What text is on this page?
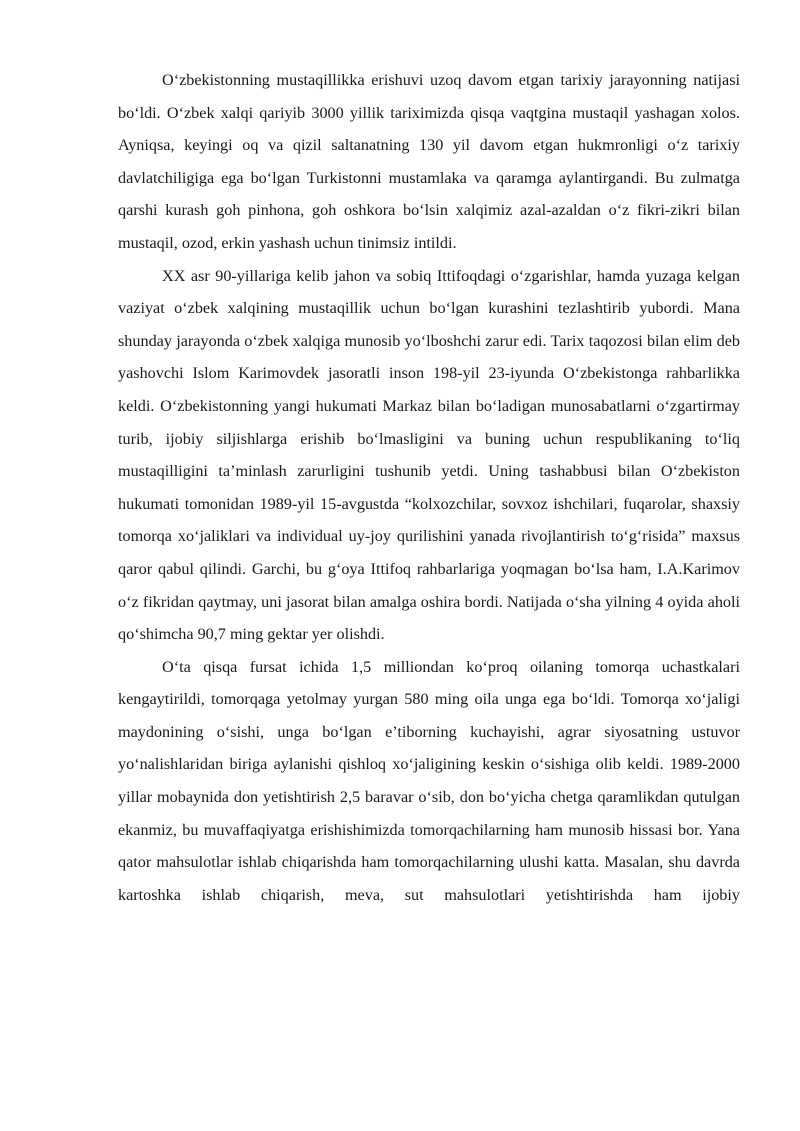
O‘zbekistonning mustaqillikka erishuvi uzoq davom etgan tarixiy jarayonning natijasi bo‘ldi. O‘zbek xalqi qariyib 3000 yillik tariximizda qisqa vaqtgina mustaqil yashagan xolos. Ayniqsa, keyingi oq va qizil saltanatning 130 yil davom etgan hukmronligi o‘z tarixiy davlatchiligiga ega bo‘lgan Turkistonni mustamlaka va qaramga aylantirgandi. Bu zulmatga qarshi kurash goh pinhona, goh oshkora bo‘lsin xalqimiz azal-azaldan o‘z fikri-zikri bilan mustaqil, ozod, erkin yashash uchun tinimsiz intildi.

XX asr 90-yillariga kelib jahon va sobiq Ittifoqdagi o‘zgarishlar, hamda yuzaga kelgan vaziyat o‘zbek xalqining mustaqillik uchun bo‘lgan kurashini tezlashtirib yubordi. Mana shunday jarayonda o‘zbek xalqiga munosib yo‘lboshchi zarur edi. Tarix taqozosi bilan elim deb yashovchi Islom Karimovdek jasoratli inson 198-yil 23-iyunda O‘zbekistonga rahbarlikka keldi. O‘zbekistonning yangi hukumati Markaz bilan bo‘ladigan munosabatlarni o‘zgartirmay turib, ijobiy siljishlarga erishib bo‘lmasligini va buning uchun respublikaning to‘liq mustaqilligini ta’minlash zarurligini tushunib yetdi. Uning tashabbusi bilan O‘zbekiston hukumati tomonidan 1989-yil 15-avgustda “kolxozchilar, sovxoz ishchilari, fuqarolar, shaxsiy tomorqa xo‘jaliklari va individual uy-joy qurilishini yanada rivojlantirish to‘g‘risida” maxsus qaror qabul qilindi. Garchi, bu g‘oya Ittifoq rahbarlariga yoqmagan bo‘lsa ham, I.A.Karimov o‘z fikridan qaytmay, uni jasorat bilan amalga oshira bordi. Natijada o‘sha yilning 4 oyida aholi qo‘shimcha 90,7 ming gektar yer olishdi.

O‘ta qisqa fursat ichida 1,5 milliondan ko‘proq oilaning tomorqa uchastkalari kengaytirildi, tomorqaga yetolmay yurgan 580 ming oila unga ega bo‘ldi. Tomorqa xo‘jaligi maydonining o‘sishi, unga bo‘lgan e’tiborning kuchayishi, agrar siyosatning ustuvor yo‘nalishlaridan biriga aylanishi qishloq xo‘jaligining keskin o‘sishiga olib keldi. 1989-2000 yillar mobaynida don yetishtirish 2,5 baravar o‘sib, don bo‘yicha chetga qaramlikdan qutulgan ekanmiz, bu muvaffaqiyatga erishishimizda tomorqachilarning ham munosib hissasi bor. Yana qator mahsulotlar ishlab chiqarishda ham tomorqachilarning ulushi katta. Masalan, shu davrda kartoshka ishlab chiqarish, meva, sut mahsulotlari yetishtirishda ham ijobiy
